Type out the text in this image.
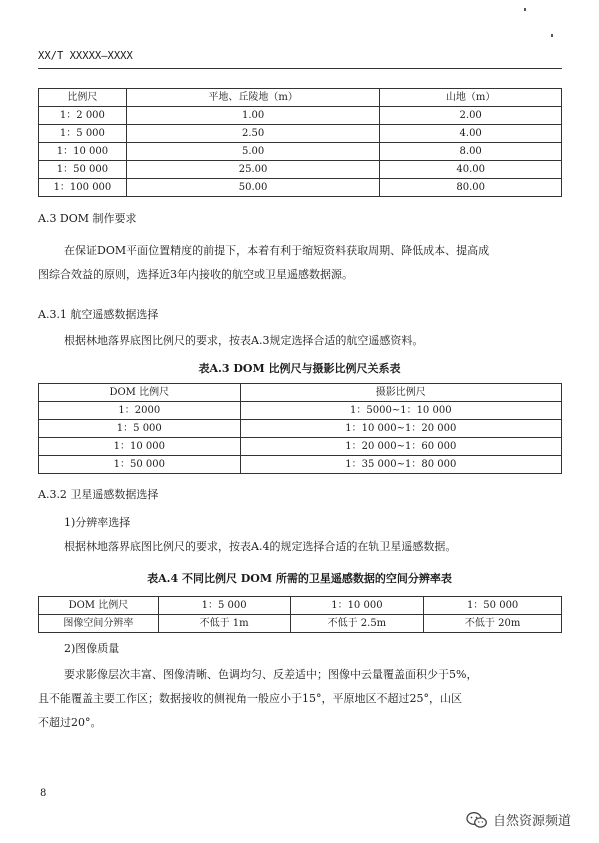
XX/T XXXXX—XXXX
比例尺	平地、丘陵地（m）	山地（m）
1：2 000	1.00	2.00
1：5 000	2.50	4.00
1：10 000	5.00	8.00
1：50 000	25.00	40.00
1：100 000	50.00	80.00
A.3 DOM 制作要求
在保证DOM平面位置精度的前提下，本着有利于缩短资料获取周期、降低成本、提高成
图综合效益的原则，选择近3年内接收的航空或卫星遥感数据源。
A.3.1 航空遥感数据选择
根据林地落界底图比例尺的要求，按表A.3规定选择合适的航空遥感资料。
表A.3 DOM 比例尺与摄影比例尺关系表
DOM 比例尺	摄影比例尺
1：2000	1：5000~1：10 000
1：5 000	1：10 000~1：20 000
1：10 000	1：20 000~1：60 000
1：50 000	1：35 000~1：80 000
A.3.2 卫星遥感数据选择
1)分辨率选择
根据林地落界底图比例尺的要求，按表A.4的规定选择合适的在轨卫星遥感数据。
表A.4 不同比例尺 DOM 所需的卫星遥感数据的空间分辨率表
DOM 比例尺	1：5 000	1：10 000	1：50 000
图像空间分辨率	不低于 1m	不低于 2.5m	不低于 20m
2)图像质量
要求影像层次丰富、图像清晰、色调均匀、反差适中；图像中云量覆盖面积少于5%，
且不能覆盖主要工作区；数据接收的侧视角一般应小于15°，平原地区不超过25°，山区
不超过20°。
8
自然资源频道
